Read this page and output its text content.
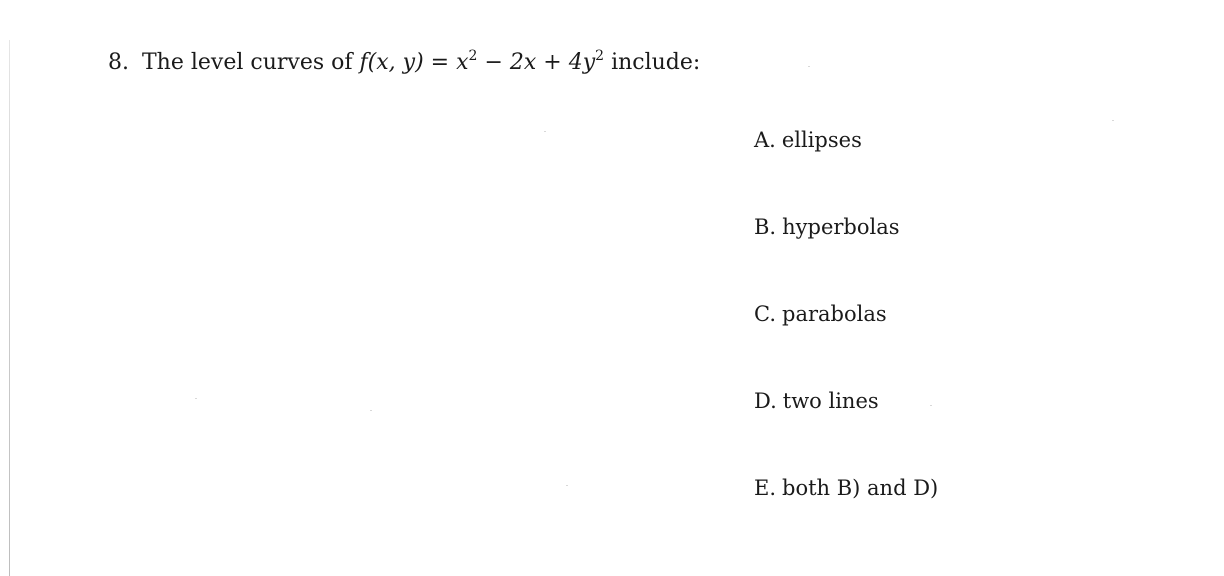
8. The level curves of f(x, $y) = x^2 - 2x + 4y^2$ include:
A. ellipses
B. hyperbolas
C. parabolas
D. two lines
E. both B) and D)
